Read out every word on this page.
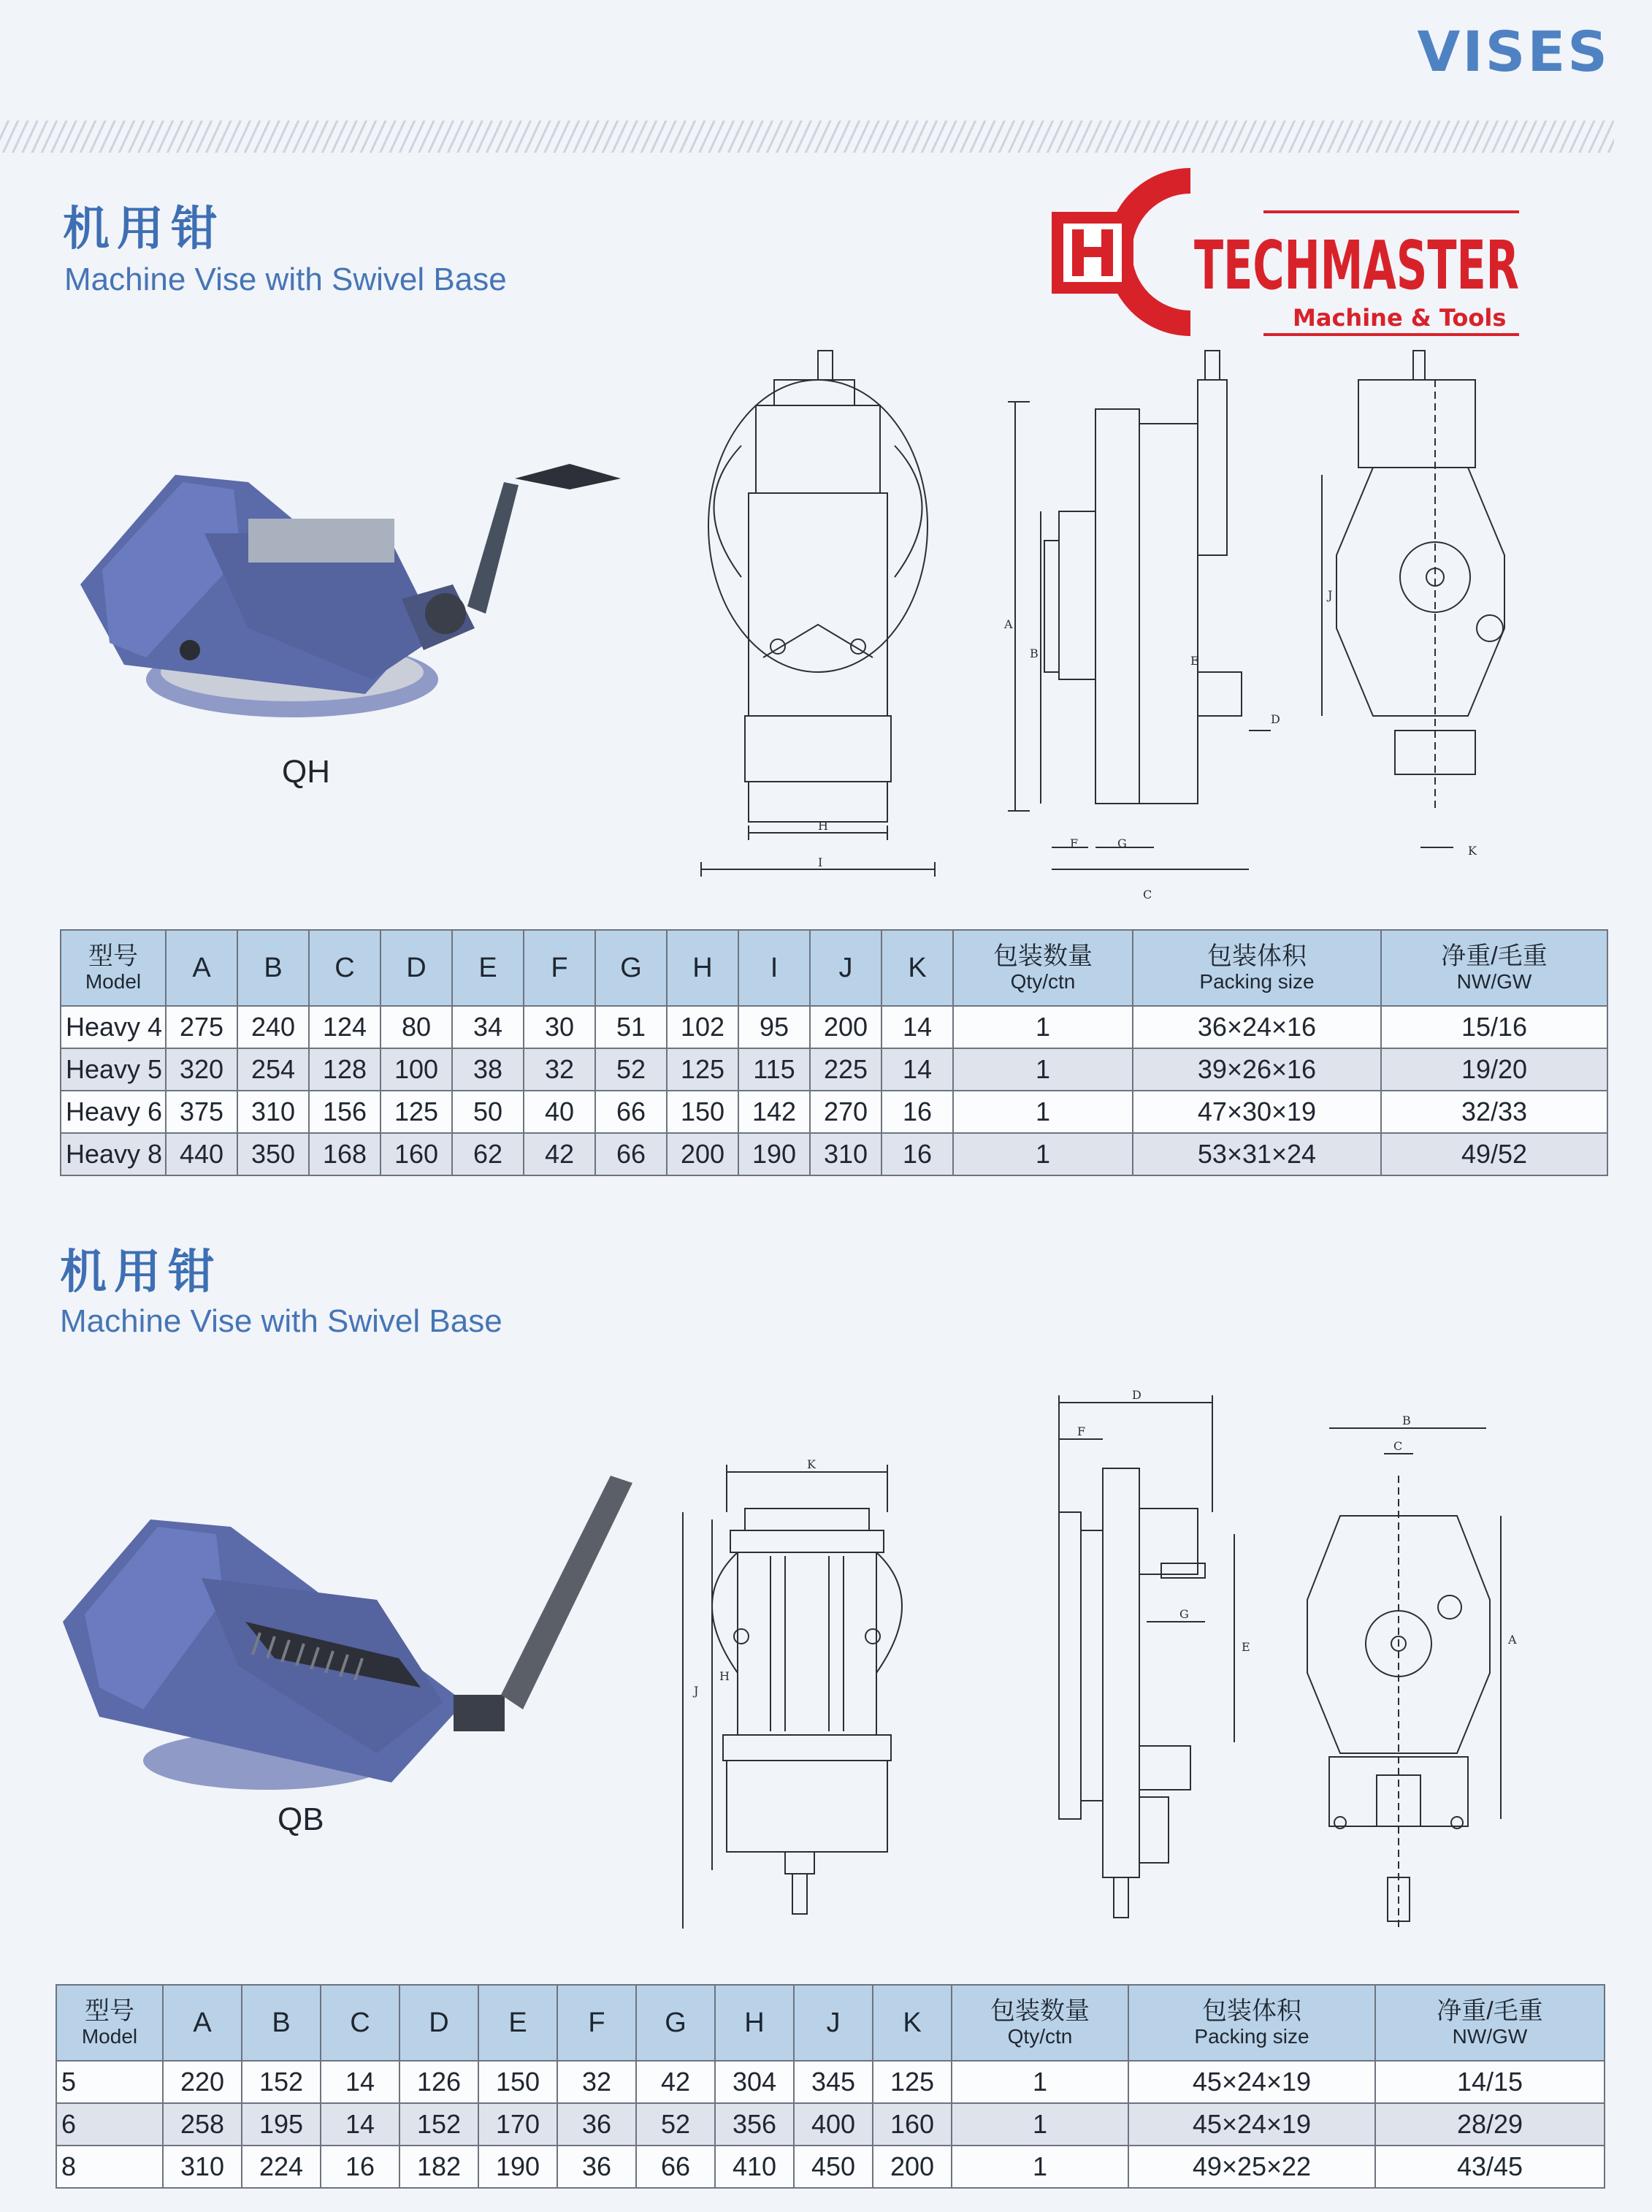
VISES
机用钳
Machine Vise with Swivel Base	TECHMASTER
Machine & Tools
QH
H
I
A
B
C
D
E
F	G
J
K
型号
Model	A	B	C	D	E	F	G	H	I	J	K	包装数量
Qty/ctn	包装体积
Packing size	净重/毛重
NW/GW

Heavy 4	275	240	124	80	34	30	51	102	95	200	14	1	36×24×16	15/16
Heavy 5	320	254	128	100	38	32	52	125	115	225	14	1	39×26×16	19/20
Heavy 6	375	310	156	125	50	40	66	150	142	270	16	1	47×30×19	32/33
Heavy 8	440	350	168	160	62	42	66	200	190	310	16	1	53×31×24	49/52
机用钳
Machine Vise with Swivel Base
QB
K
J
H
D
F
G
E
B
C
A
型号
Model	A	B	C	D	E	F	G	H	J	K	包装数量
Qty/ctn	包装体积
Packing size	净重/毛重
NW/GW

5	220	152	14	126	150	32	42	304	345	125	1	45×24×19	14/15
6	258	195	14	152	170	36	52	356	400	160	1	45×24×19	28/29
8	310	224	16	182	190	36	66	410	450	200	1	49×25×22	43/45
